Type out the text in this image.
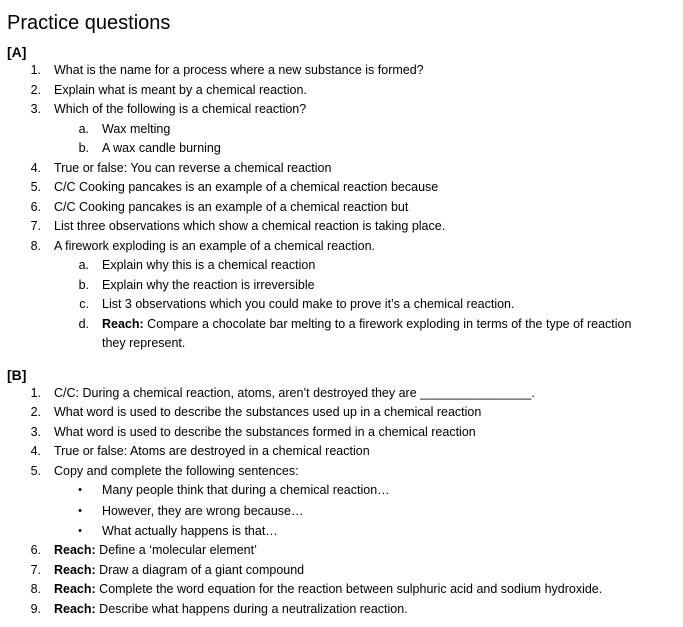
Practice questions
[A]
1. What is the name for a process where a new substance is formed?
2. Explain what is meant by a chemical reaction.
3. Which of the following is a chemical reaction?
a. Wax melting
b. A wax candle burning
4. True or false: You can reverse a chemical reaction
5. C/C Cooking pancakes is an example of a chemical reaction because
6. C/C Cooking pancakes is an example of a chemical reaction but
7. List three observations which show a chemical reaction is taking place.
8. A firework exploding is an example of a chemical reaction.
a. Explain why this is a chemical reaction
b. Explain why the reaction is irreversible
c. List 3 observations which you could make to prove it’s a chemical reaction.
d. Reach: Compare a chocolate bar melting to a firework exploding in terms of the type of reaction
they represent.
[B]
1. C/C: During a chemical reaction, atoms, aren’t destroyed they are ________________.
2. What word is used to describe the substances used up in a chemical reaction
3. What word is used to describe the substances formed in a chemical reaction
4. True or false: Atoms are destroyed in a chemical reaction
5. Copy and complete the following sentences:
• Many people think that during a chemical reaction…
• However, they are wrong because…
• What actually happens is that…
6. Reach: Define a ‘molecular element’
7. Reach: Draw a diagram of a giant compound
8. Reach: Complete the word equation for the reaction between sulphuric acid and sodium hydroxide.
9. Reach: Describe what happens during a neutralization reaction.
